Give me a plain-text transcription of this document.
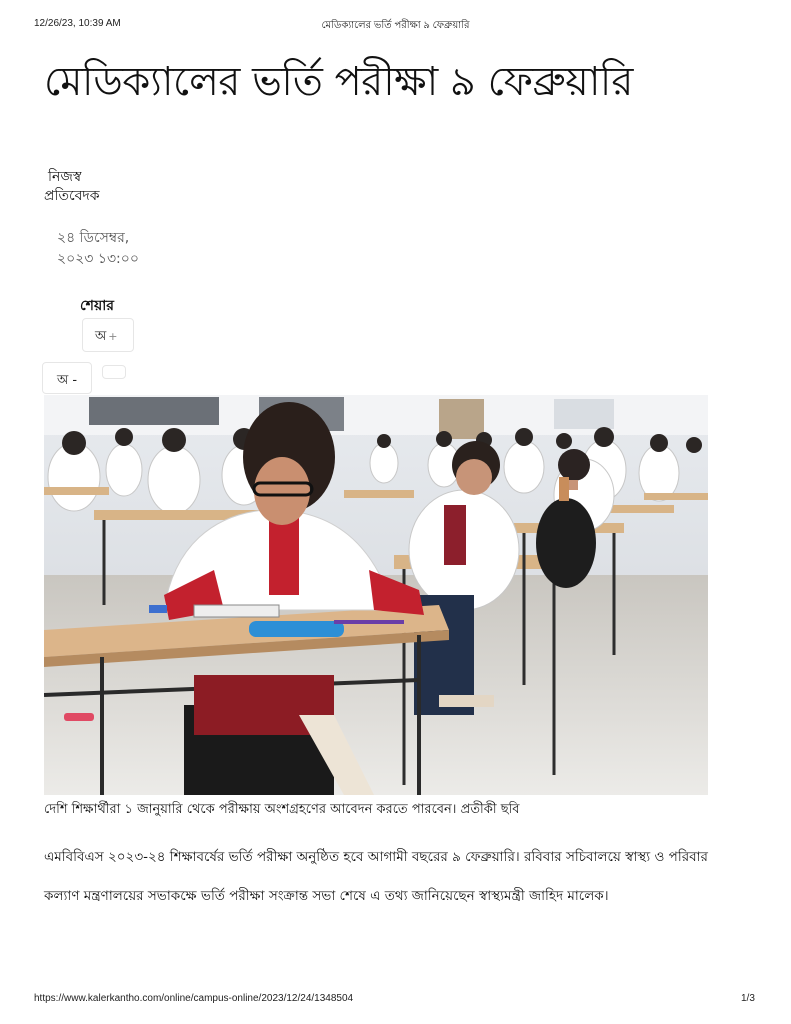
12/26/23, 10:39 AM	মেডিক্যালের ভর্তি পরীক্ষা ৯ ফেব্রুয়ারি
মেডিক্যালের ভর্তি পরীক্ষা ৯ ফেব্রুয়ারি
নিজস্ব
প্রতিবেদক
২৪ ডিসেম্বর,
২০২৩ ১৩:০০
শেয়ার
অ +
অ -
দেশি শিক্ষার্থীরা ১ জানুয়ারি থেকে পরীক্ষায় অংশগ্রহণের আবেদন করতে পারবেন। প্রতীকী ছবি

এমবিবিএস ২০২৩-২৪ শিক্ষাবর্ষের ভর্তি পরীক্ষা অনুষ্ঠিত হবে আগামী বছরের ৯ ফেব্রুয়ারি। রবিবার সচিবালয়ে স্বাস্থ্য ও পরিবার কল্যাণ মন্ত্রণালয়ের সভাকক্ষে ভর্তি পরীক্ষা সংক্রান্ত সভা শেষে এ তথ্য জানিয়েছেন স্বাস্থ্যমন্ত্রী জাহিদ মালেক।

https://www.kalerkantho.com/online/campus-online/2023/12/24/1348504	1/3
